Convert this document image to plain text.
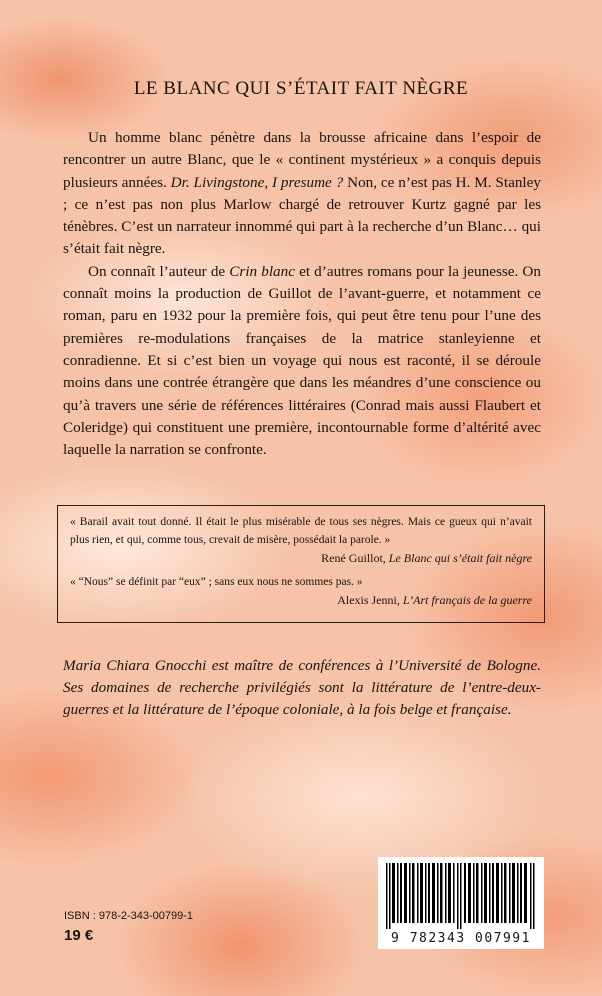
LE BLANC QUI S’ÉTAIT FAIT NÈGRE

Un homme blanc pénètre dans la brousse africaine dans l’espoir de rencontrer un autre Blanc, que le « continent mystérieux » a conquis depuis plusieurs années. Dr. Livingstone, I presume ? Non, ce n’est pas H. M. Stanley ; ce n’est pas non plus Marlow chargé de retrouver Kurtz gagné par les ténèbres. C’est un narrateur innommé qui part à la recherche d’un Blanc… qui s’était fait nègre.

On connaît l’auteur de Crin blanc et d’autres romans pour la jeunesse. On connaît moins la production de Guillot de l’avant-guerre, et notamment ce roman, paru en 1932 pour la première fois, qui peut être tenu pour l’une des premières re-modulations françaises de la matrice stanleyienne et conradienne. Et si c’est bien un voyage qui nous est raconté, il se déroule moins dans une contrée étrangère que dans les méandres d’une conscience ou qu’à travers une série de références littéraires (Conrad mais aussi Flaubert et Coleridge) qui constituent une première, incontournable forme d’altérité avec laquelle la narration se confronte.

« Barail avait tout donné. Il était le plus misérable de tous ses nègres. Mais ce gueux qui n’avait plus rien, et qui, comme tous, crevait de misère, possédait la parole. »

René Guillot, Le Blanc qui s’était fait nègre

« “Nous” se définit par “eux” ; sans eux nous ne sommes pas. »

Alexis Jenni, L’Art français de la guerre

Maria Chiara Gnocchi est maître de conférences à l’Université de Bologne. Ses domaines de recherche privilégiés sont la littérature de l’entre-deux-guerres et la littérature de l’époque coloniale, à la fois belge et française.
ISBN : 978-2-343-00799-1
19 €	9 782343 007991
